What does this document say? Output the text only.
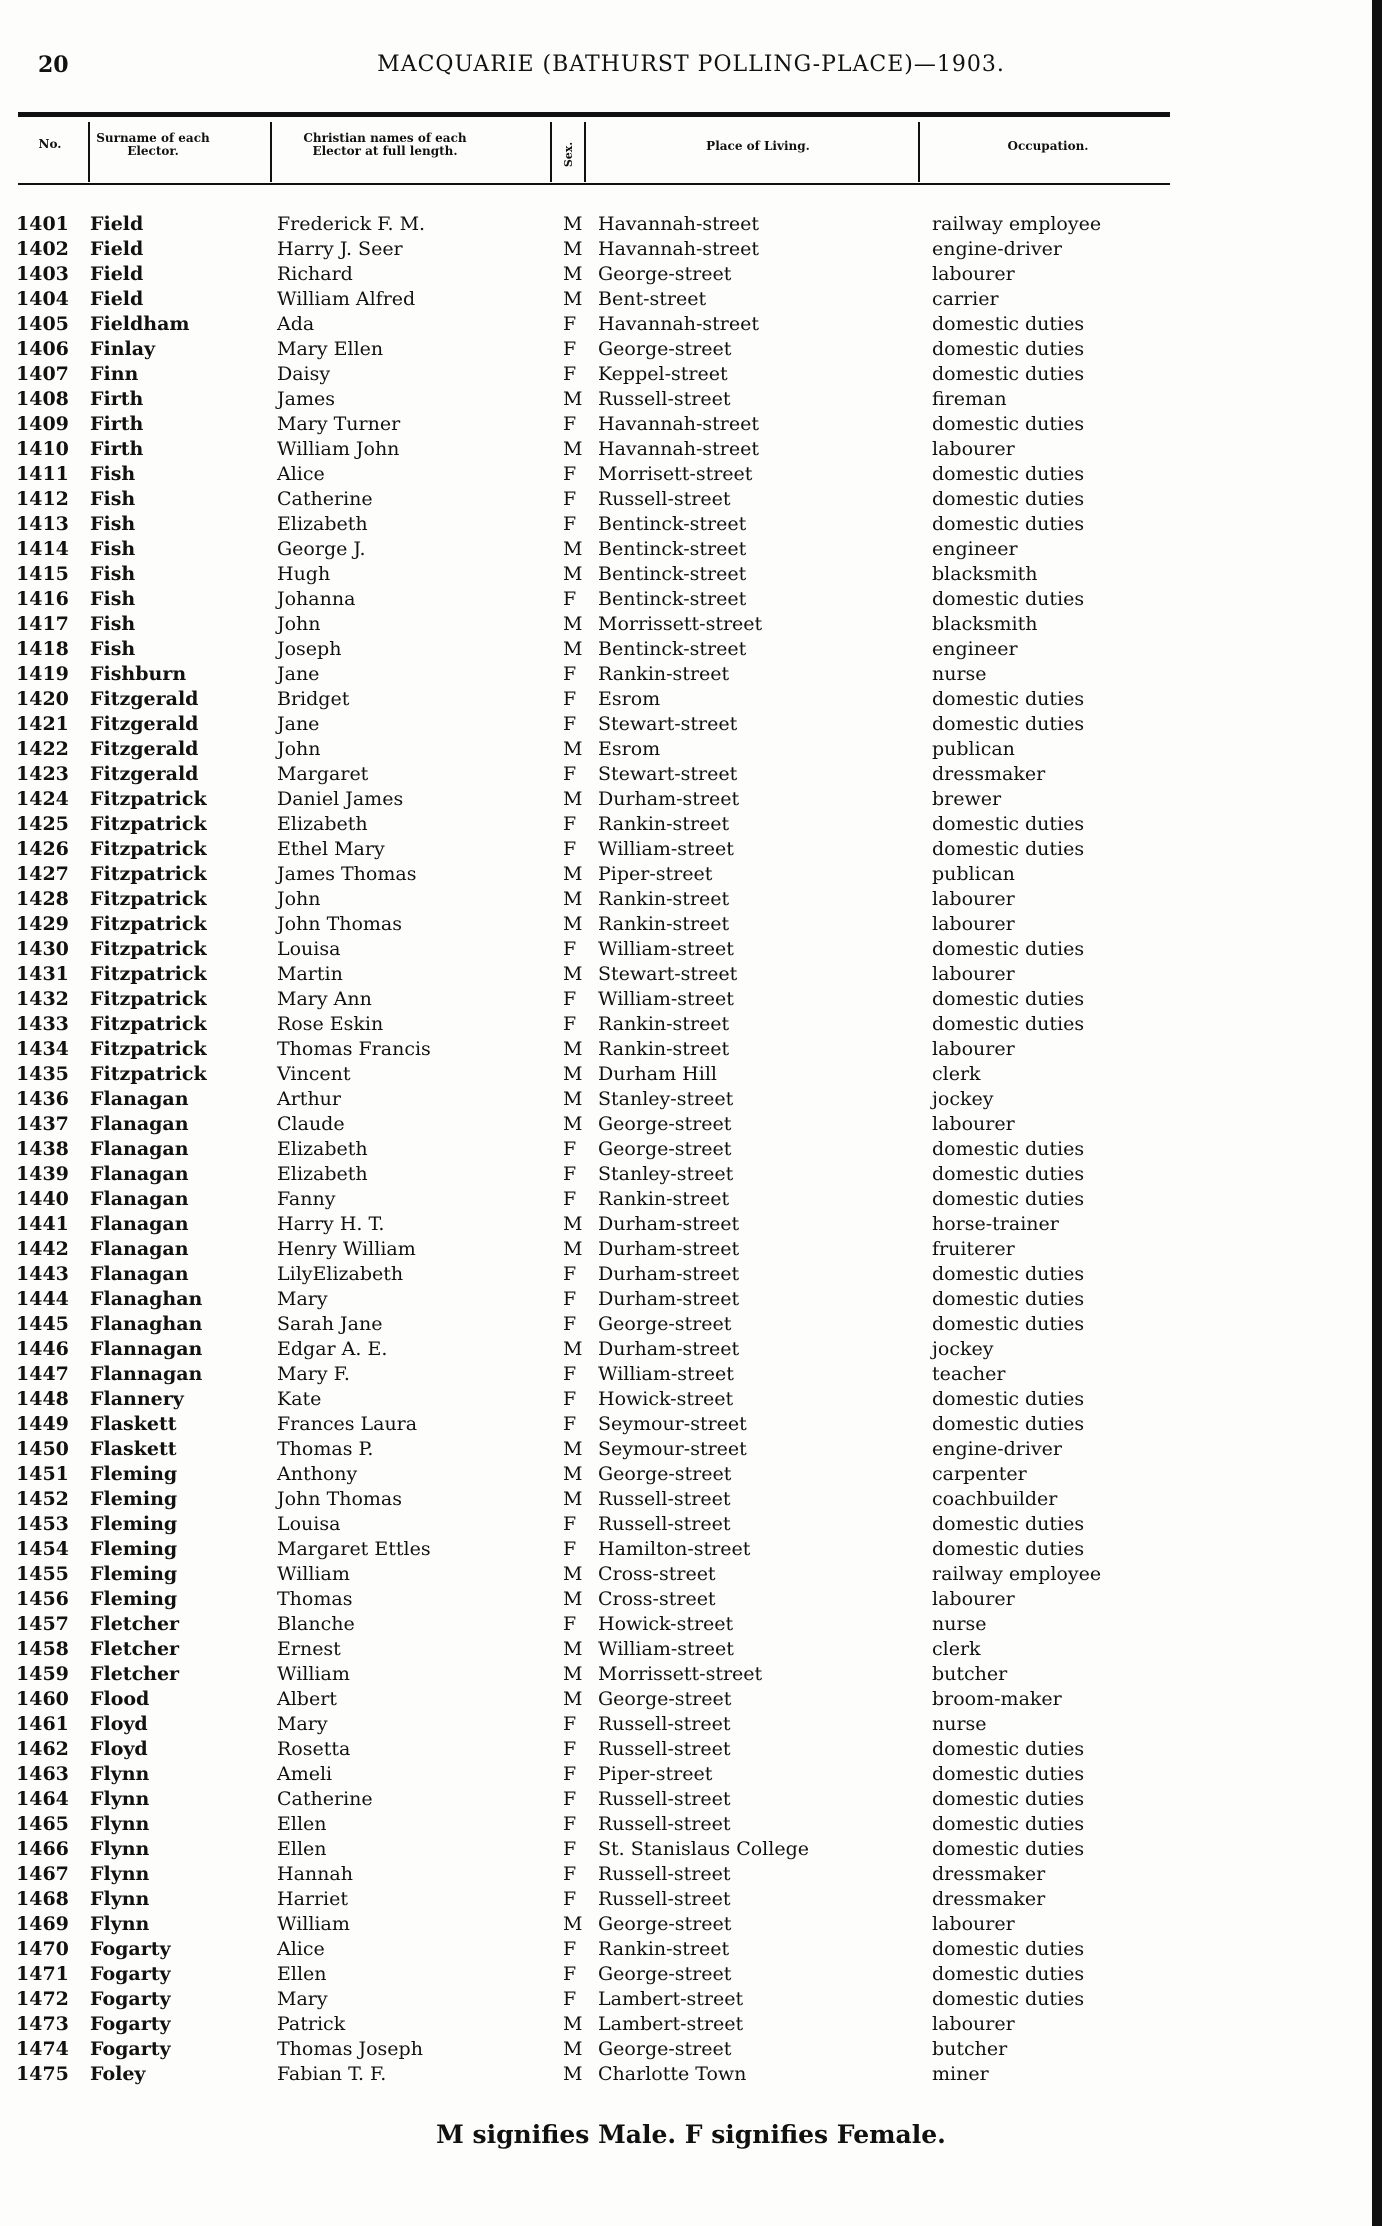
20	MACQUARIE (BATHURST POLLING-PLACE)—1903.
No.	Surname of each Elector.
Christian names of each Elector at full length.	Sex.	Place of Living.	Occupation.
1401 Field	Frederick F. M.	M Havannah-street	railway employee
1402 Field	Harry J. Seer	M Havannah-street	engine-driver
1403 Field	Richard	M George-street	labourer
1404 Field	William Alfred	M Bent-street	carrier
1405 Fieldham	Ada	F Havannah-street	domestic duties
1406 Finlay	Mary Ellen	F George-street	domestic duties
1407 Finn	Daisy	F Keppel-street	domestic duties
1408 Firth	James	M Russell-street	fireman
1409 Firth	Mary Turner	F Havannah-street	domestic duties
1410 Firth	William John	M Havannah-street	labourer
1411 Fish	Alice	F Morrisett-street	domestic duties
1412 Fish	Catherine	F Russell-street	domestic duties
1413 Fish	Elizabeth	F Bentinck-street	domestic duties
1414 Fish	George J.	M Bentinck-street	engineer
1415 Fish	Hugh	M Bentinck-street	blacksmith
1416 Fish	Johanna	F Bentinck-street	domestic duties
1417 Fish	John	M Morrissett-street	blacksmith
1418 Fish	Joseph	M Bentinck-street	engineer
1419 Fishburn	Jane	F Rankin-street	nurse
1420 Fitzgerald	Bridget	F Esrom	domestic duties
1421 Fitzgerald	Jane	F Stewart-street	domestic duties
1422 Fitzgerald	John	M Esrom	publican
1423 Fitzgerald	Margaret	F Stewart-street	dressmaker
1424 Fitzpatrick	Daniel James	M Durham-street	brewer
1425 Fitzpatrick	Elizabeth	F Rankin-street	domestic duties
1426 Fitzpatrick	Ethel Mary	F William-street	domestic duties
1427 Fitzpatrick	James Thomas	M Piper-street	publican
1428 Fitzpatrick	John	M Rankin-street	labourer
1429 Fitzpatrick	John Thomas	M Rankin-street	labourer
1430 Fitzpatrick	Louisa	F William-street	domestic duties
1431 Fitzpatrick	Martin	M Stewart-street	labourer
1432 Fitzpatrick	Mary Ann	F William-street	domestic duties
1433 Fitzpatrick	Rose Eskin	F Rankin-street	domestic duties
1434 Fitzpatrick	Thomas Francis	M Rankin-street	labourer
1435 Fitzpatrick	Vincent	M Durham Hill	clerk
1436 Flanagan	Arthur	M Stanley-street	jockey
1437 Flanagan	Claude	M George-street	labourer
1438 Flanagan	Elizabeth	F George-street	domestic duties
1439 Flanagan	Elizabeth	F Stanley-street	domestic duties
1440 Flanagan	Fanny	F Rankin-street	domestic duties
1441 Flanagan	Harry H. T.	M Durham-street	horse-trainer
1442 Flanagan	Henry William	M Durham-street	fruiterer
1443 Flanagan	LilyElizabeth	F Durham-street	domestic duties
1444 Flanaghan	Mary	F Durham-street	domestic duties
1445 Flanaghan	Sarah Jane	F George-street	domestic duties
1446 Flannagan	Edgar A. E.	M Durham-street	jockey
1447 Flannagan	Mary F.	F William-street	teacher
1448 Flannery	Kate	F Howick-street	domestic duties
1449 Flaskett	Frances Laura	F Seymour-street	domestic duties
1450 Flaskett	Thomas P.	M Seymour-street	engine-driver
1451 Fleming	Anthony	M George-street	carpenter
1452 Fleming	John Thomas	M Russell-street	coachbuilder
1453 Fleming	Louisa	F Russell-street	domestic duties
1454 Fleming	Margaret Ettles	F Hamilton-street	domestic duties
1455 Fleming	William	M Cross-street	railway employee
1456 Fleming	Thomas	M Cross-street	labourer
1457 Fletcher	Blanche	F Howick-street	nurse
1458 Fletcher	Ernest	M William-street	clerk
1459 Fletcher	William	M Morrissett-street	butcher
1460 Flood	Albert	M George-street	broom-maker
1461 Floyd	Mary	F Russell-street	nurse
1462 Floyd	Rosetta	F Russell-street	domestic duties
1463 Flynn	Ameli	F Piper-street	domestic duties
1464 Flynn	Catherine	F Russell-street	domestic duties
1465 Flynn	Ellen	F Russell-street	domestic duties
1466 Flynn	Ellen	F St. Stanislaus College	domestic duties
1467 Flynn	Hannah	F Russell-street	dressmaker
1468 Flynn	Harriet	F Russell-street	dressmaker
1469 Flynn	William	M George-street	labourer
1470 Fogarty	Alice	F Rankin-street	domestic duties
1471 Fogarty	Ellen	F George-street	domestic duties
1472 Fogarty	Mary	F Lambert-street	domestic duties
1473 Fogarty	Patrick	M Lambert-street	labourer
1474 Fogarty	Thomas Joseph	M George-street	butcher
1475 Foley	Fabian T. F.	M Charlotte Town	miner
M signifies Male. F signifies Female.
